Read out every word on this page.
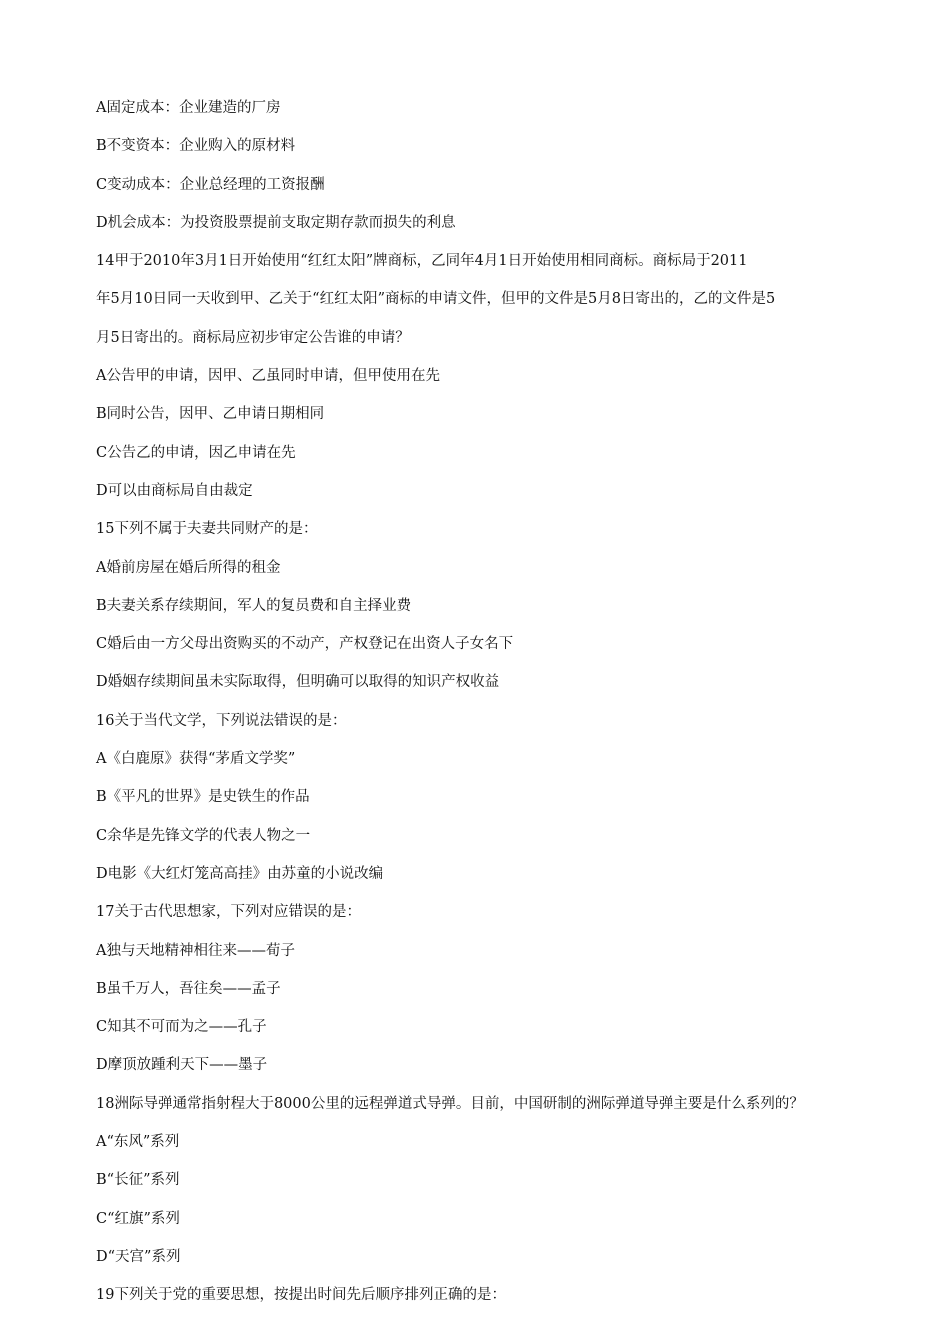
A固定成本：企业建造的厂房
B不变资本：企业购入的原材料
C变动成本：企业总经理的工资报酬
D机会成本：为投资股票提前支取定期存款而损失的利息
14甲于2010年3月1日开始使用“红红太阳”牌商标，乙同年4月1日开始使用相同商标。商标局于2011
年5月10日同一天收到甲、乙关于“红红太阳”商标的申请文件，但甲的文件是5月8日寄出的，乙的文件是5
月5日寄出的。商标局应初步审定公告谁的申请？
A公告甲的申请，因甲、乙虽同时申请，但甲使用在先
B同时公告，因甲、乙申请日期相同
C公告乙的申请，因乙申请在先
D可以由商标局自由裁定
15下列不属于夫妻共同财产的是：
A婚前房屋在婚后所得的租金
B夫妻关系存续期间，军人的复员费和自主择业费
C婚后由一方父母出资购买的不动产，产权登记在出资人子女名下
D婚姻存续期间虽未实际取得，但明确可以取得的知识产权收益
16关于当代文学，下列说法错误的是：
A《白鹿原》获得“茅盾文学奖”
B《平凡的世界》是史铁生的作品
C余华是先锋文学的代表人物之一
D电影《大红灯笼高高挂》由苏童的小说改编
17关于古代思想家，下列对应错误的是：
A独与天地精神相往来——荀子
B虽千万人，吾往矣——孟子
C知其不可而为之——孔子
D摩顶放踵利天下——墨子
18洲际导弹通常指射程大于8000公里的远程弹道式导弹。目前，中国研制的洲际弹道导弹主要是什么系列的？
A“东风”系列
B“长征”系列
C“红旗”系列
D“天宫”系列
19下列关于党的重要思想，按提出时间先后顺序排列正确的是：
